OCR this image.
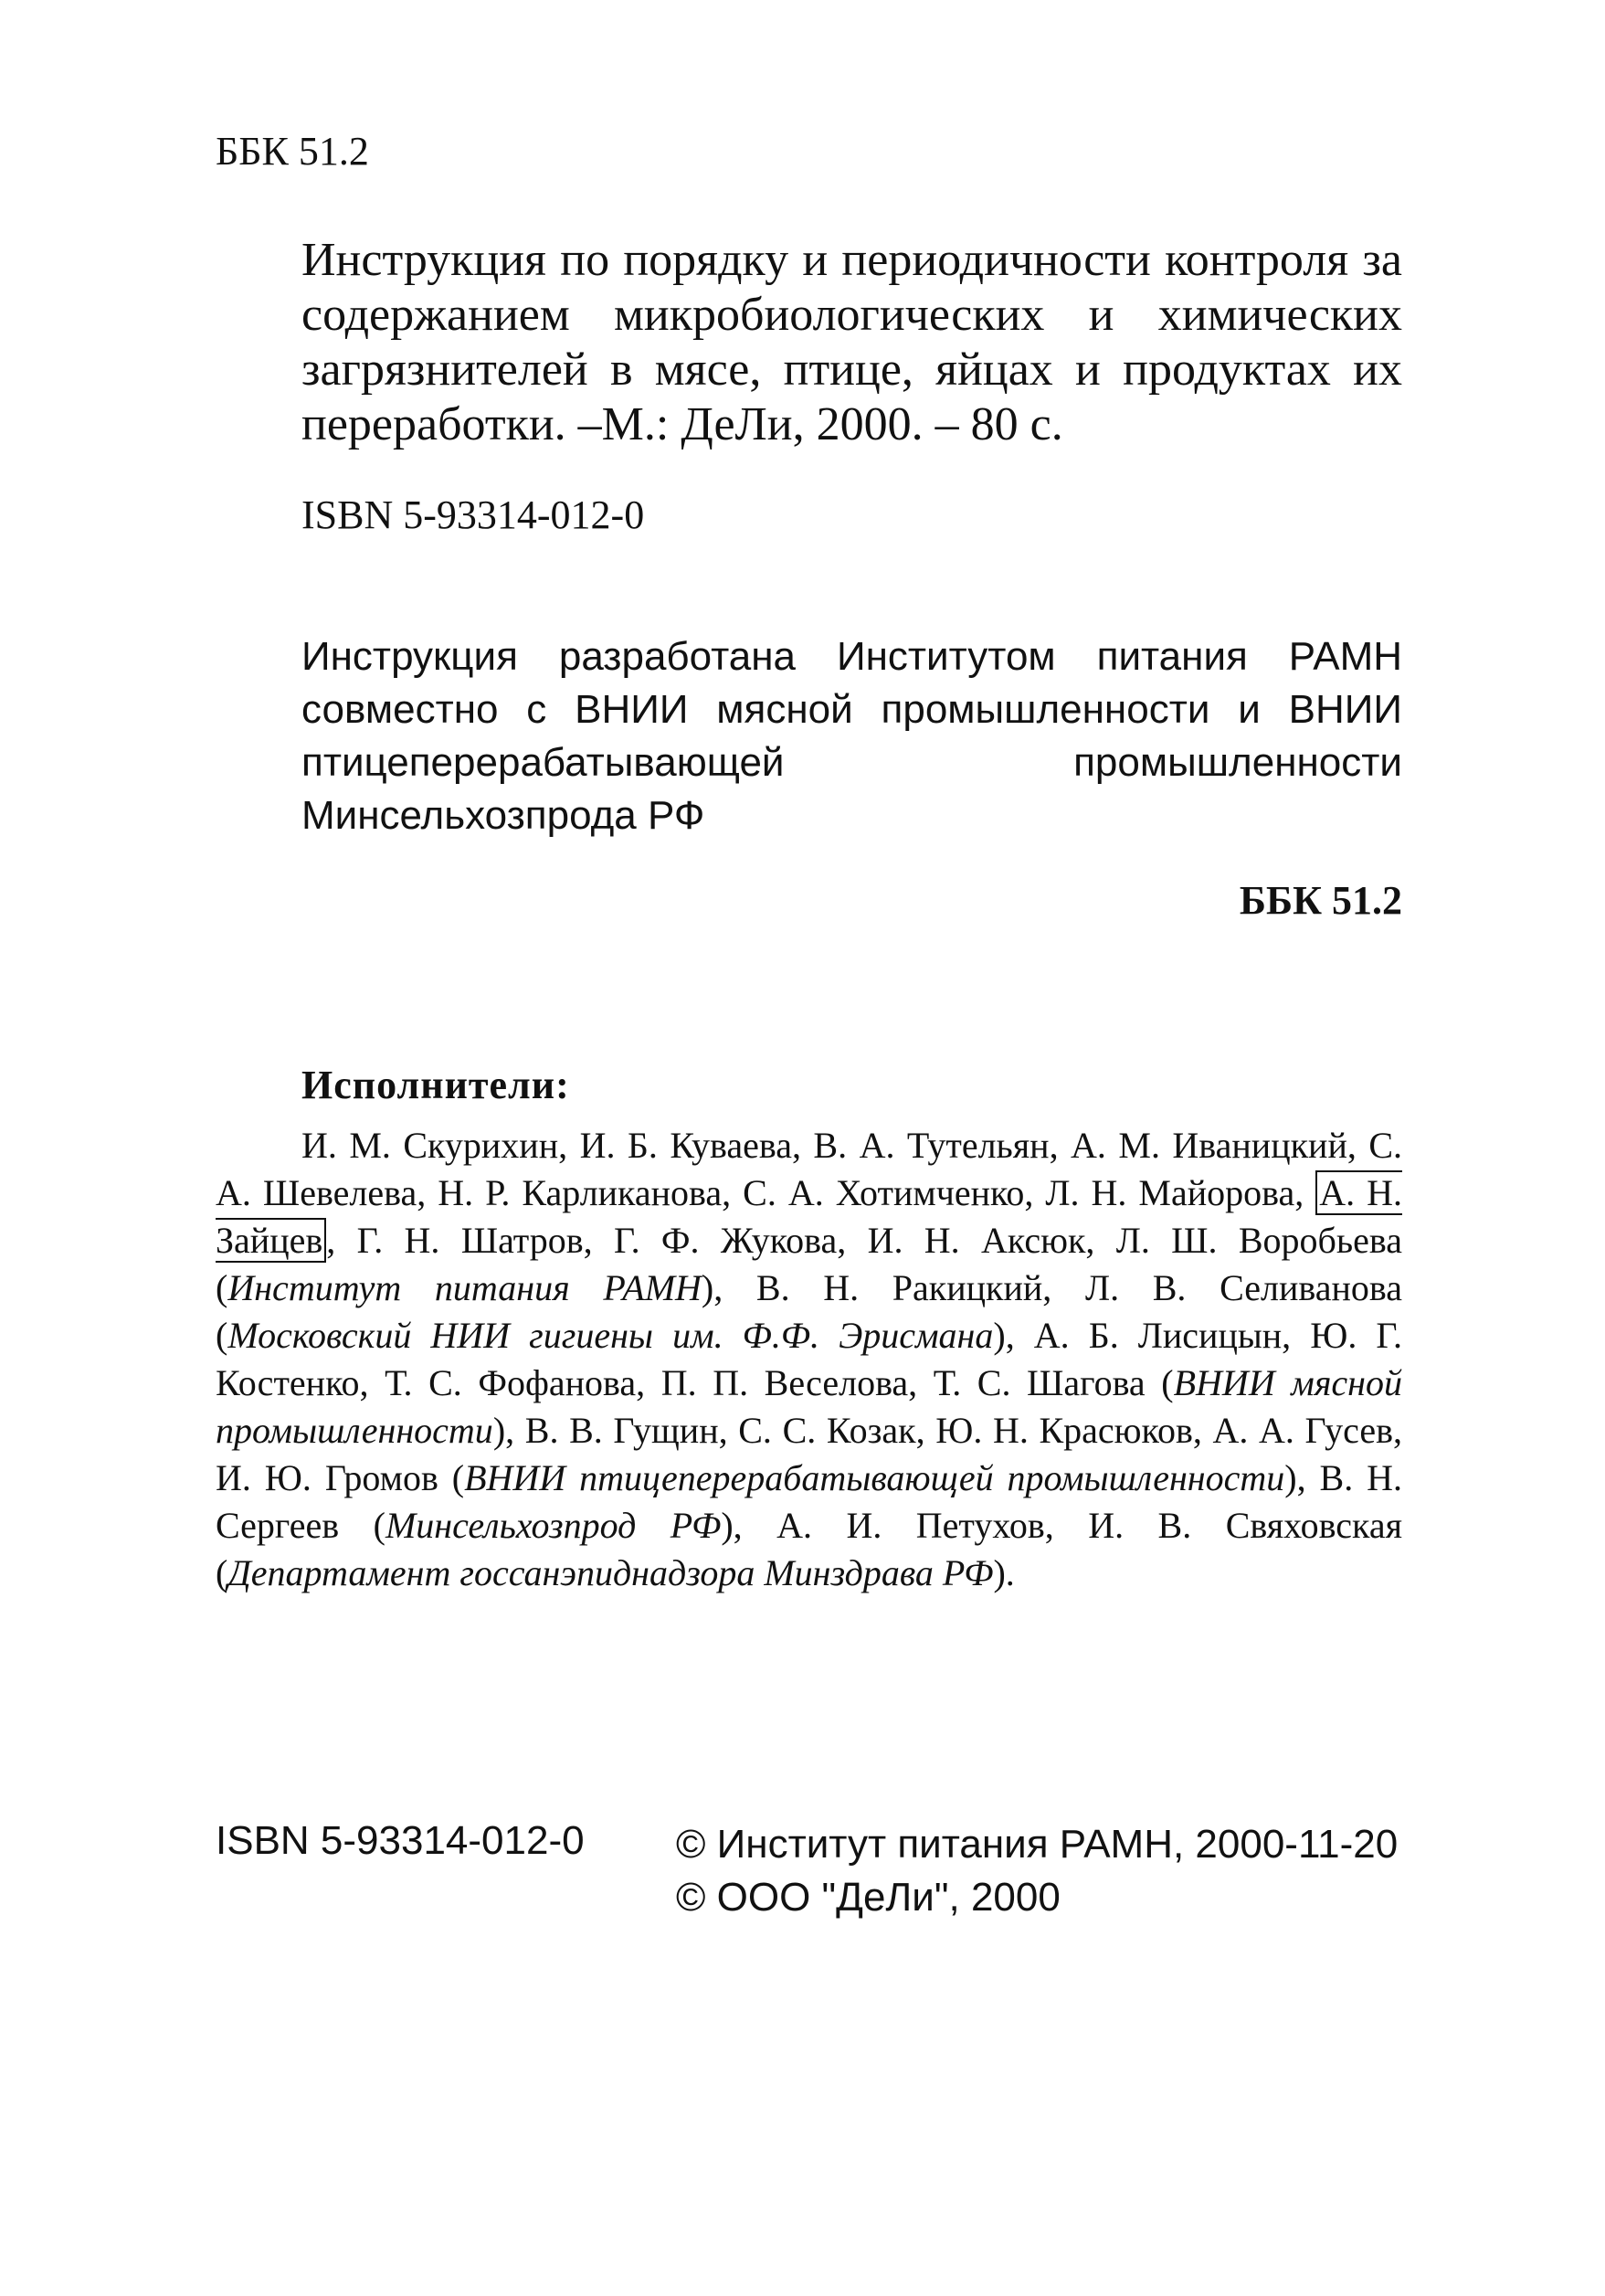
ББК 51.2
Инструкция по порядку и периодичности контроля за содержанием микробиологических и химических загрязнителей в мясе, птице, яйцах и продуктах их переработки. –М.: ДеЛи, 2000. – 80 с.
ISBN 5-93314-012-0
Инструкция разработана Институтом питания РАМН совместно с ВНИИ мясной промышленности и ВНИИ птицеперерабатывающей промышленности Минсельхозпрода РФ
ББК 51.2
Исполнители:
И. М. Скурихин, И. Б. Куваева, В. А. Тутельян, А. М. Иваницкий, С. А. Шевелева, Н. Р. Карликанова, С. А. Хотимченко, Л. Н. Майорова, А. Н. Зайцев , Г. Н. Шатров, Г. Ф. Жукова, И. Н. Аксюк, Л. Ш. Воробьева (Институт питания РАМН), В. Н. Ракицкий, Л. В. Селиванова (Московский НИИ гигиены им. Ф.Ф. Эрисмана), А. Б. Лисицын, Ю. Г. Костенко, Т. С. Фофанова, П. П. Веселова, Т. С. Шагова (ВНИИ мясной промышленности), В. В. Гущин, С. С. Козак, Ю. Н. Красюков, А. А. Гусев, И. Ю. Громов (ВНИИ птицеперерабатывающей промышленности), В. Н. Сергеев (Минсельхозпрод РФ), А. И. Петухов, И. В. Свяховская (Департамент госсанэпиднадзора Минздрава РФ).
ISBN 5-93314-012-0 © Институт питания РАМН, 2000-11-20
© ООО "ДеЛи", 2000
